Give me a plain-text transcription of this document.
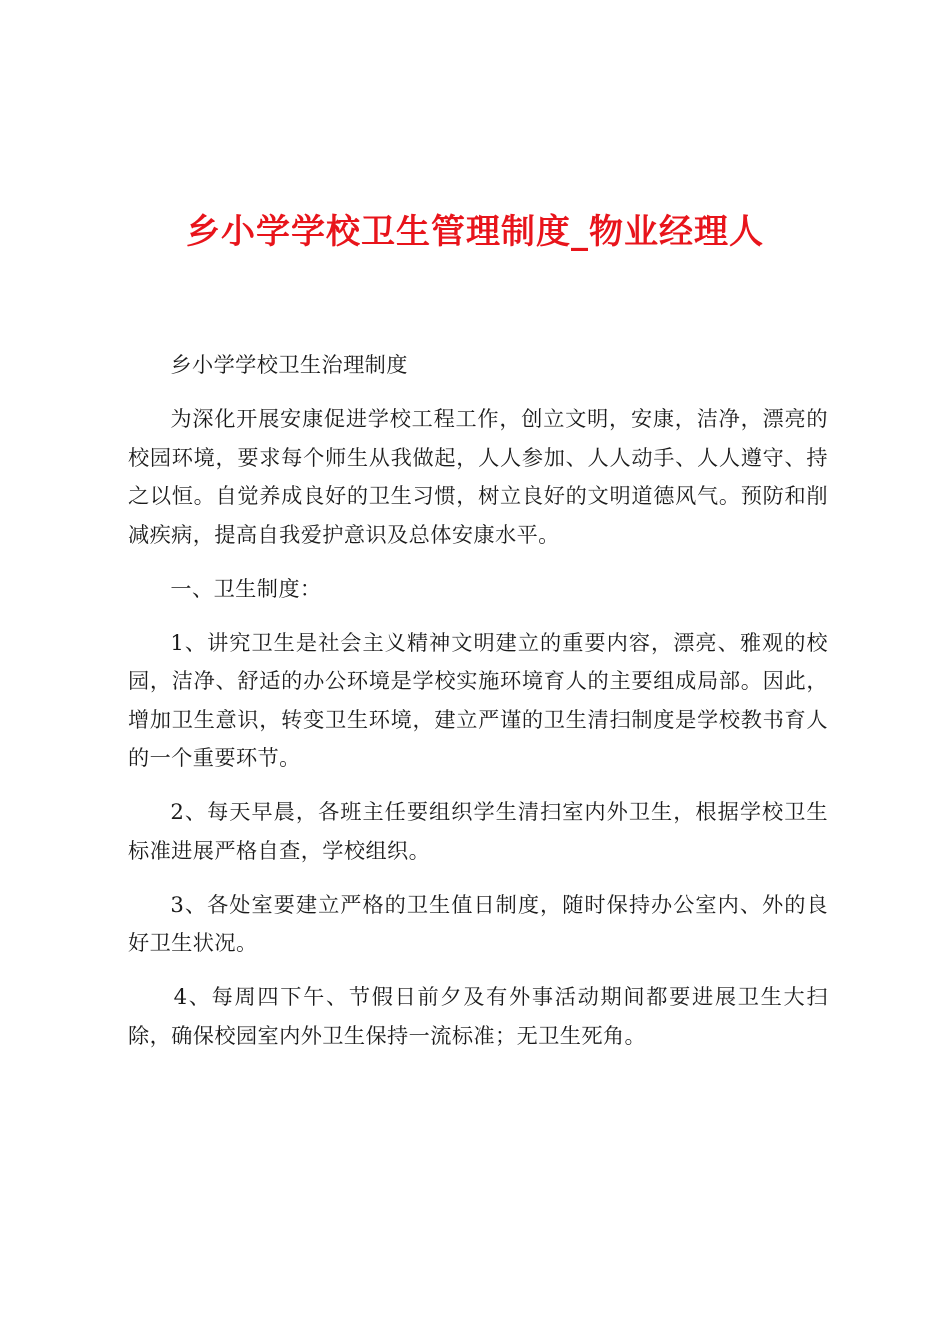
乡小学学校卫生管理制度_物业经理人

乡小学学校卫生治理制度

为深化开展安康促进学校工程工作，创立文明，安康，洁净，漂亮的校园环境，要求每个师生从我做起，人人参加、人人动手、人人遵守、持之以恒。自觉养成良好的卫生习惯，树立良好的文明道德风气。预防和削减疾病，提高自我爱护意识及总体安康水平。

一、卫生制度：

1、讲究卫生是社会主义精神文明建立的重要内容，漂亮、雅观的校园，洁净、舒适的办公环境是学校实施环境育人的主要组成局部。因此，增加卫生意识，转变卫生环境，建立严谨的卫生清扫制度是学校教书育人的一个重要环节。

2、每天早晨，各班主任要组织学生清扫室内外卫生，根据学校卫生标准进展严格自查，学校组织。

3、各处室要建立严格的卫生值日制度，随时保持办公室内、外的良好卫生状况。

4、每周四下午、节假日前夕及有外事活动期间都要进展卫生大扫除，确保校园室内外卫生保持一流标准；无卫生死角。
